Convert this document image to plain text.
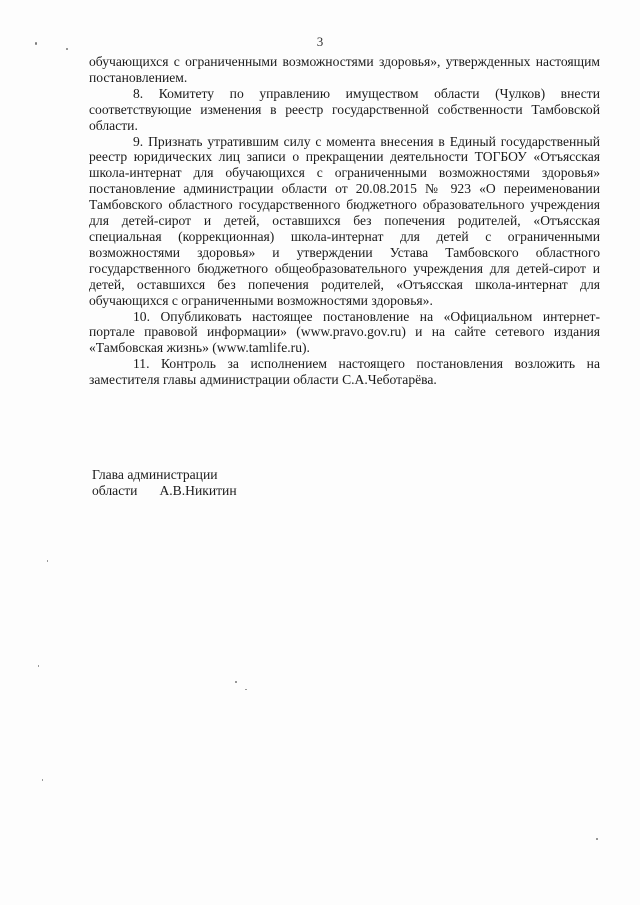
3

обучающихся с ограниченными возможностями здоровья», утвержденных настоящим постановлением.

8. Комитету по управлению имуществом области (Чулков) внести соответствующие изменения в реестр государственной собственности Тамбовской области.

9. Признать утратившим силу с момента внесения в Единый государственный реестр юридических лиц записи о прекращении деятельности ТОГБОУ «Отъясская школа-интернат для обучающихся с ограниченными возможностями здоровья» постановление администрации области от 20.08.2015 № 923 «О переименовании Тамбовского областного государственного бюджетного образовательного учреждения для детей-сирот и детей, оставшихся без попечения родителей, «Отъясская специальная (коррекционная) школа-интернат для детей с ограниченными возможностями здоровья» и утверждении Устава Тамбовского областного государственного бюджетного общеобразовательного учреждения для детей-сирот и детей, оставшихся без попечения родителей, «Отъясская школа-интернат для обучающихся с ограниченными возможностями здоровья».

10. Опубликовать настоящее постановление на «Официальном интернет-портале правовой информации» (www.pravo.gov.ru) и на сайте сетевого издания «Тамбовская жизнь» (www.tamlife.ru).

11. Контроль за исполнением настоящего постановления возложить на заместителя главы администрации области С.А.Чеботарёва.

Глава администрации
области А.В.Никитин
